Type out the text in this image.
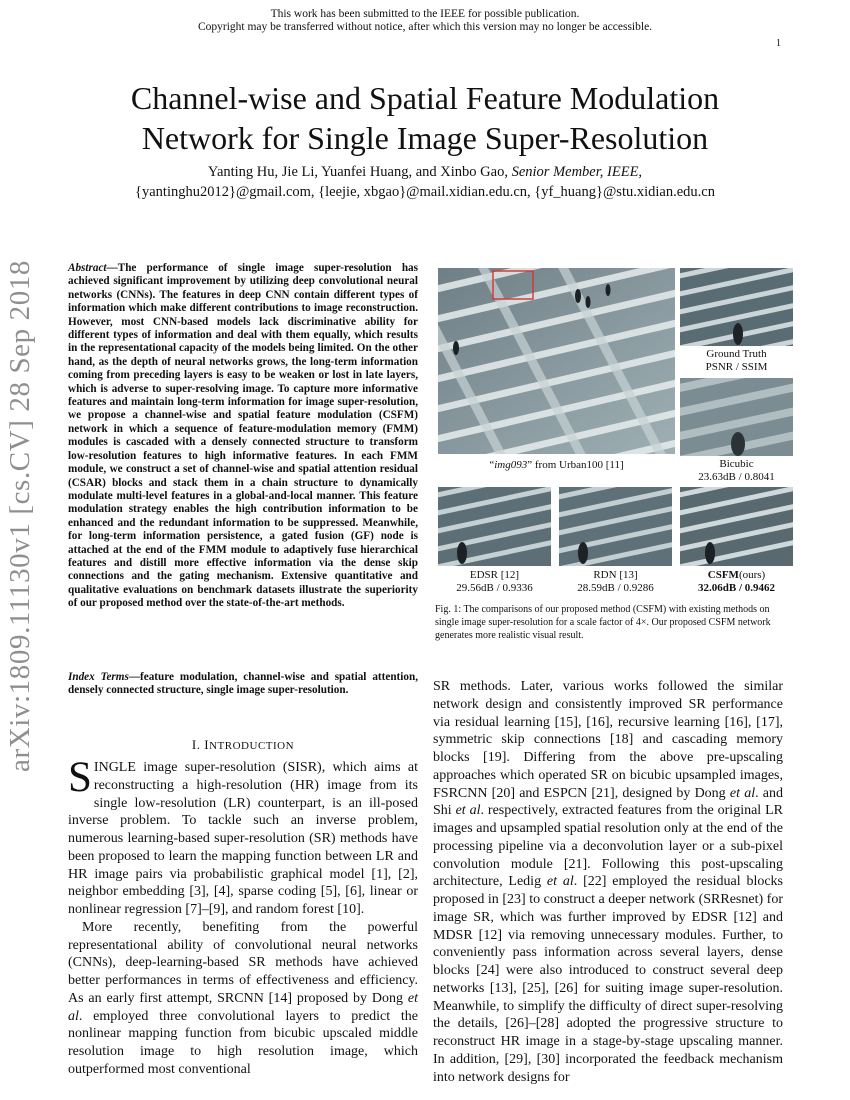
This work has been submitted to the IEEE for possible publication.
Copyright may be transferred without notice, after which this version may no longer be accessible.
1
arXiv:1809.11130v1 [cs.CV] 28 Sep 2018
Channel-wise and Spatial Feature Modulation
Network for Single Image Super-Resolution
Yanting Hu, Jie Li, Yuanfei Huang, and Xinbo Gao, Senior Member, IEEE,
{yantinghu2012}@gmail.com, {leejie, xbgao}@mail.xidian.edu.cn, {yf_huang}@stu.xidian.edu.cn
Abstract—The performance of single image super-resolution has achieved significant improvement by utilizing deep convolutional neural networks (CNNs). The features in deep CNN contain different types of information which make different contributions to image reconstruction. However, most CNN-based models lack discriminative ability for different types of information and deal with them equally, which results in the representational capacity of the models being limited. On the other hand, as the depth of neural networks grows, the long-term information coming from preceding layers is easy to be weaken or lost in late layers, which is adverse to super-resolving image. To capture more informative features and maintain long-term information for image super-resolution, we propose a channel-wise and spatial feature modulation (CSFM) network in which a sequence of feature-modulation memory (FMM) modules is cascaded with a densely connected structure to transform low-resolution features to high informative features. In each FMM module, we construct a set of channel-wise and spatial attention residual (CSAR) blocks and stack them in a chain structure to dynamically modulate multi-level features in a global-and-local manner. This feature modulation strategy enables the high contribution information to be enhanced and the redundant information to be suppressed. Meanwhile, for long-term information persistence, a gated fusion (GF) node is attached at the end of the FMM module to adaptively fuse hierarchical features and distill more effective information via the dense skip connections and the gating mechanism. Extensive quantitative and qualitative evaluations on benchmark datasets illustrate the superiority of our proposed method over the state-of-the-art methods.
Index Terms—feature modulation, channel-wise and spatial attention, densely connected structure, single image super-resolution.
I. INTRODUCTION

SINGLE image super-resolution (SISR), which aims at reconstructing a high-resolution (HR) image from its single low-resolution (LR) counterpart, is an ill-posed inverse problem. To tackle such an inverse problem, numerous learning-based super-resolution (SR) methods have been proposed to learn the mapping function between LR and HR image pairs via probabilistic graphical model [1], [2], neighbor embedding [3], [4], sparse coding [5], [6], linear or nonlinear regression [7]–[9], and random forest [10].

More recently, benefiting from the powerful representational ability of convolutional neural networks (CNNs), deep-learning-based SR methods have achieved better performances in terms of effectiveness and efficiency. As an early first attempt, SRCNN [14] proposed by Dong et al. employed three convolutional layers to predict the nonlinear mapping function from bicubic upscaled middle resolution image to high resolution image, which outperformed most conventional

SR methods. Later, various works followed the similar network design and consistently improved SR performance via residual learning [15], [16], recursive learning [16], [17], symmetric skip connections [18] and cascading memory blocks [19]. Differing from the above pre-upscaling approaches which operated SR on bicubic upsampled images, FSRCNN [20] and ESPCN [21], designed by Dong et al. and Shi et al. respectively, extracted features from the original LR images and upsampled spatial resolution only at the end of the processing pipeline via a deconvolution layer or a sub-pixel convolution module [21]. Following this post-upscaling architecture, Ledig et al. [22] employed the residual blocks proposed in [23] to construct a deeper network (SRResnet) for image SR, which was further improved by EDSR [12] and MDSR [12] via removing unnecessary modules. Further, to conveniently pass information across several layers, dense blocks [24] were also introduced to construct several deep networks [13], [25], [26] for suiting image super-resolution. Meanwhile, to simplify the difficulty of direct super-resolving the details, [26]–[28] adopted the progressive structure to reconstruct HR image in a stage-by-stage upscaling manner. In addition, [29], [30] incorporated the feedback mechanism into network designs for

“img093” from Urban100 [11]
Ground Truth
PSNR / SSIM
Bicubic
23.63dB / 0.8041
EDSR [12]
29.56dB / 0.9336
RDN [13]
28.59dB / 0.9286
CSFM(ours)
32.06dB / 0.9462
Fig. 1: The comparisons of our proposed method (CSFM) with existing methods on single image super-resolution for a scale factor of 4×. Our proposed CSFM network generates more realistic visual result.
